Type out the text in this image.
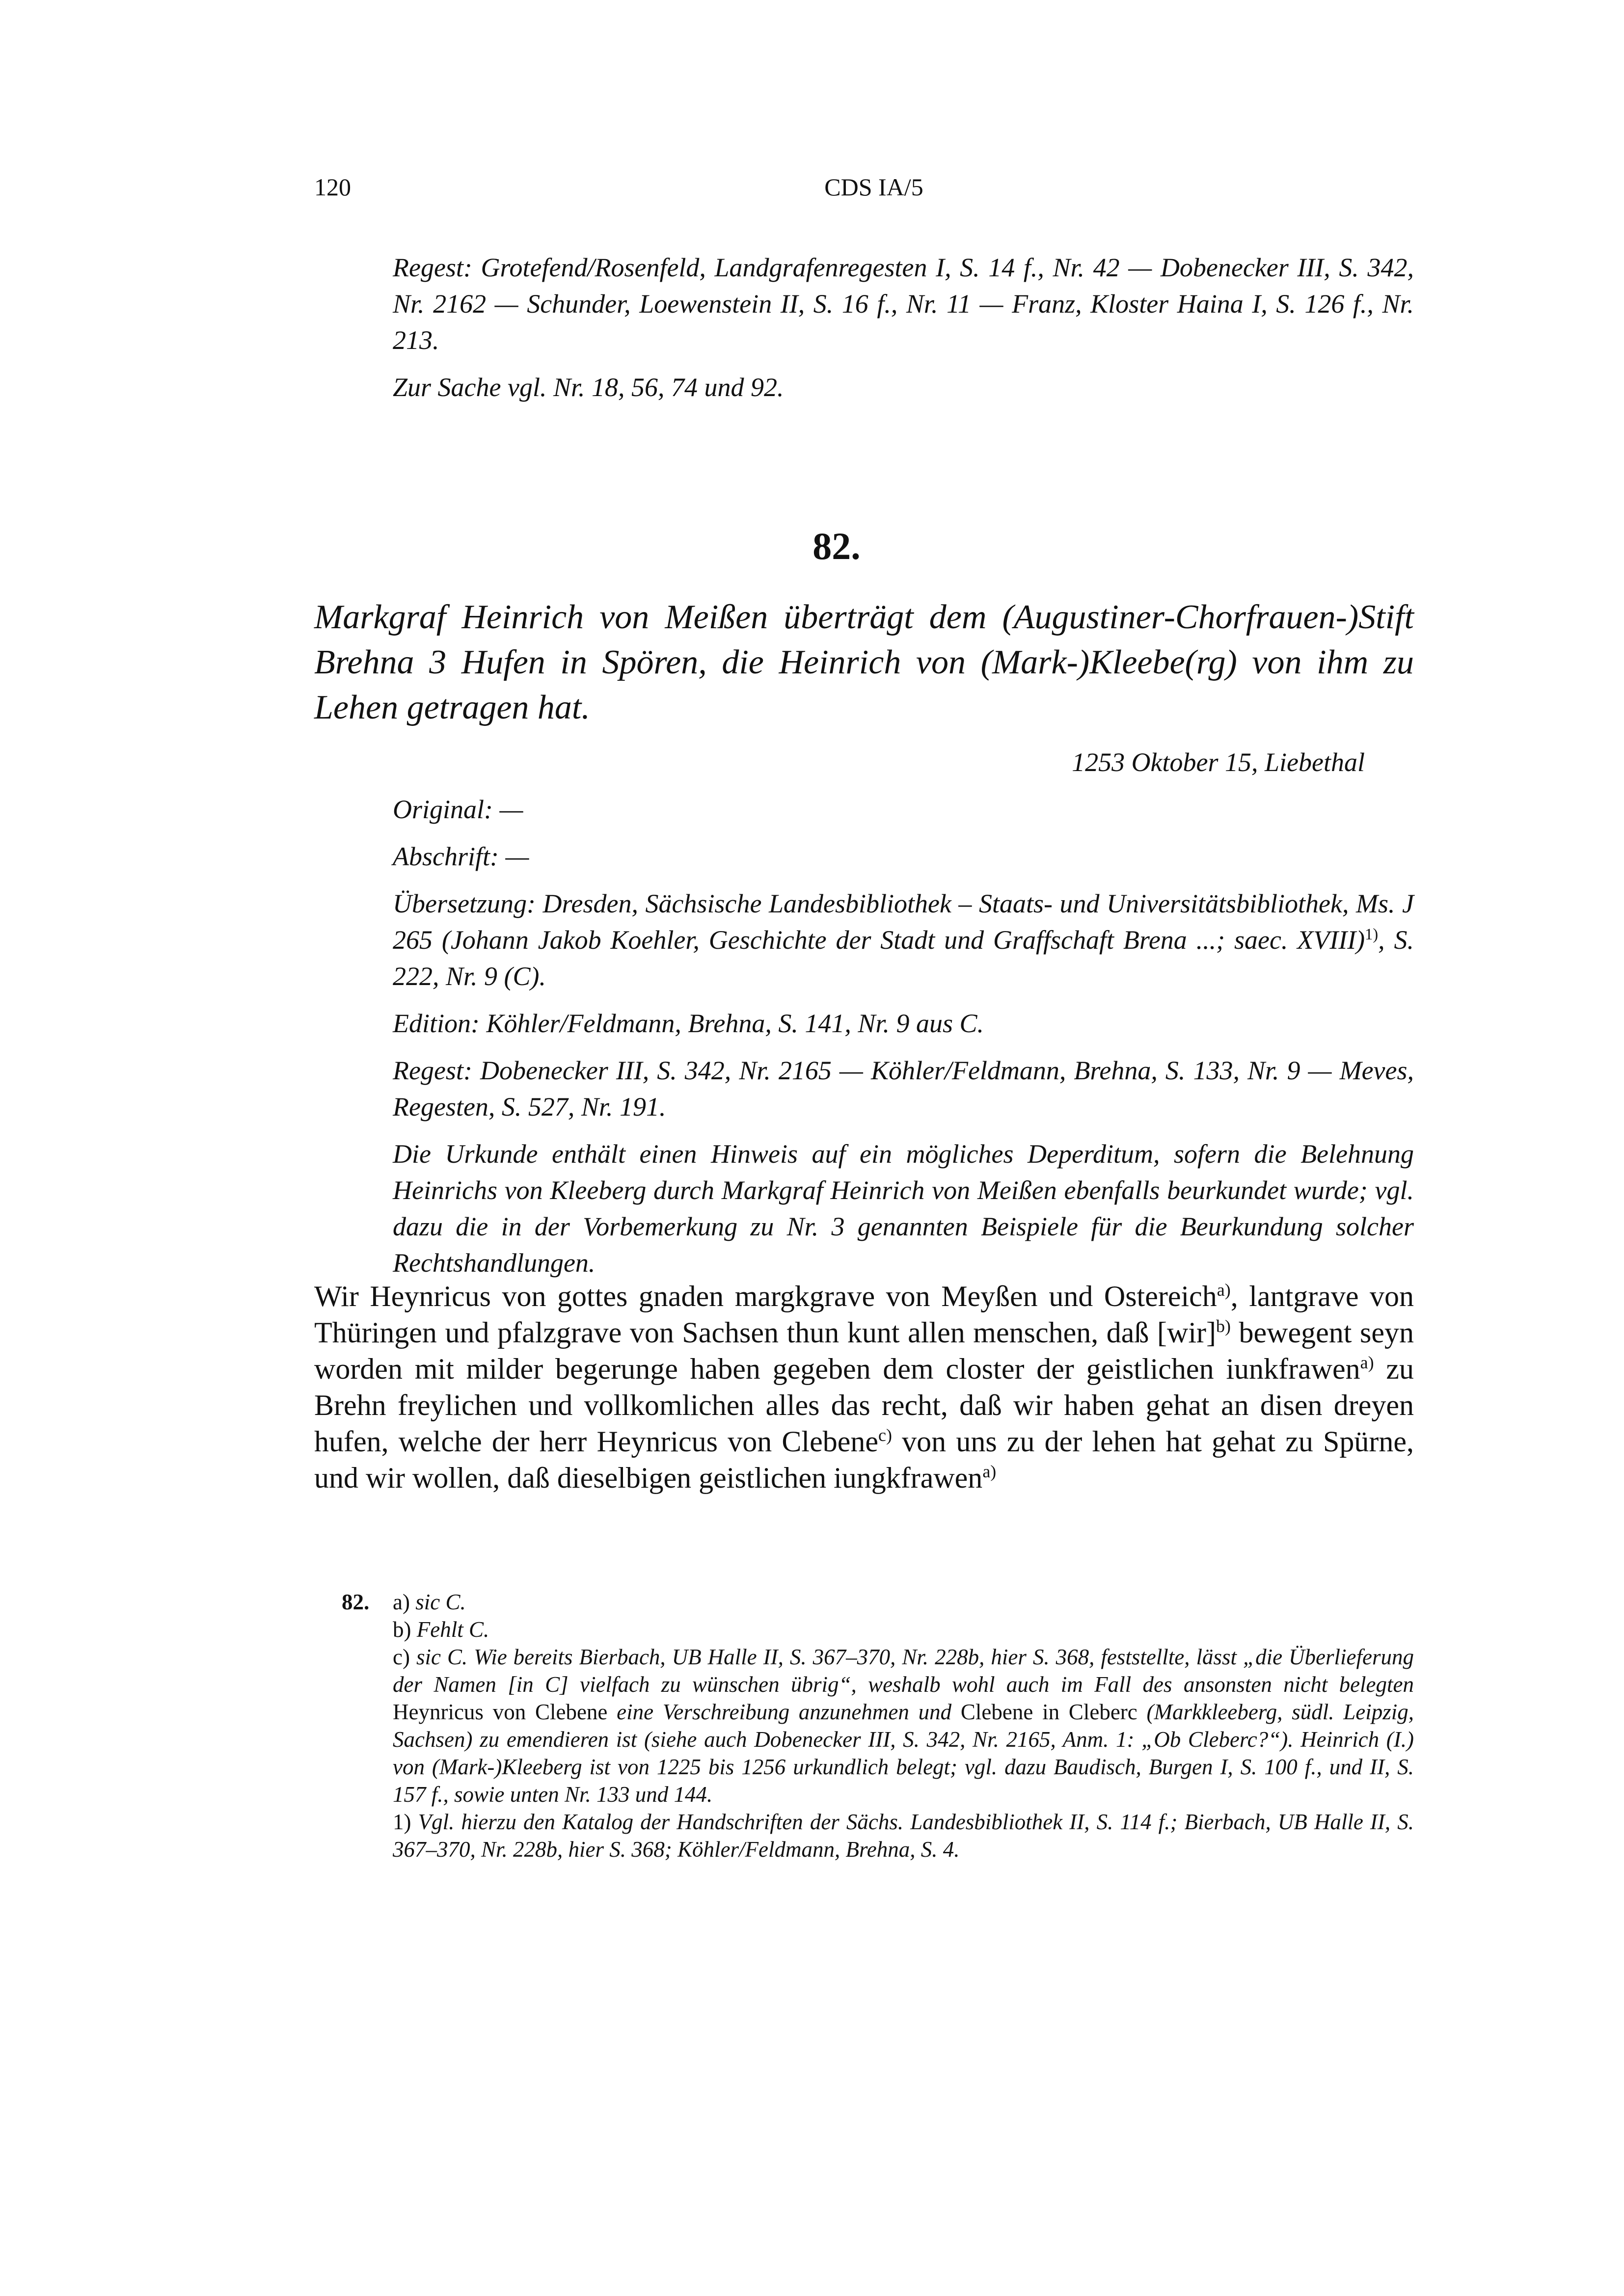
120	CDS IA/5

Regest: Grotefend/Rosenfeld, Landgrafenregesten I, S. 14 f., Nr. 42 — Dobenecker III, S. 342, Nr. 2162 — Schunder, Loewenstein II, S. 16 f., Nr. 11 — Franz, Kloster Haina I, S. 126 f., Nr. 213.

Zur Sache vgl. Nr. 18, 56, 74 und 92.

82.
Markgraf Heinrich von Meißen überträgt dem (Augustiner-Chorfrauen-)Stift Brehna 3 Hufen in Spören, die Heinrich von (Mark-)Kleebe(rg) von ihm zu Lehen getragen hat.
1253 Oktober 15, Liebethal

Original: —

Abschrift: —

Übersetzung: Dresden, Sächsische Landesbibliothek – Staats- und Universitätsbibliothek, Ms. J 265 (Johann Jakob Koehler, Geschichte der Stadt und Graffschaft Brena ...; saec. XVIII)$^{1)}$, S. 222, Nr. 9 (C).

Edition: Köhler/Feldmann, Brehna, S. 141, Nr. 9 aus C.

Regest: Dobenecker III, S. 342, Nr. 2165 — Köhler/Feldmann, Brehna, S. 133, Nr. 9 — Meves, Regesten, S. 527, Nr. 191.

Die Urkunde enthält einen Hinweis auf ein mögliches Deperditum, sofern die Belehnung Heinrichs von Kleeberg durch Markgraf Heinrich von Meißen ebenfalls beurkundet wurde; vgl. dazu die in der Vorbemerkung zu Nr. 3 genannten Beispiele für die Beurkundung solcher Rechtshandlungen.

Wir Heynricus von gottes gnaden margkgrave von Meyßen und Ostereich$^{a)}$, lantgrave von Thüringen und pfalzgrave von Sachsen thun kunt allen menschen, daß [wir]$^{b)}$ bewegent seyn worden mit milder begerunge haben gegeben dem closter der geistlichen iunkfrawen$^{a)}$ zu Brehn freylichen und vollkomlichen alles das recht, daß wir haben gehat an disen dreyen hufen, welche der herr Heynricus von Clebene$^{c)}$ von uns zu der lehen hat gehat zu Spürne, und wir wollen, daß dieselbigen geistlichen iungkfrawen$^{a)}$
82. a) sic C.

b) Fehlt C.

c) sic C. Wie bereits Bierbach, UB Halle II, S. 367–370, Nr. 228b, hier S. 368, feststellte, lässt „die Überlieferung der Namen [in C] vielfach zu wünschen übrig“, weshalb wohl auch im Fall des ansonsten nicht belegten Heynricus von Clebene eine Verschreibung anzunehmen und Clebene in Cleberc (Markkleeberg, südl. Leipzig, Sachsen) zu emendieren ist (siehe auch Dobenecker III, S. 342, Nr. 2165, Anm. 1: „Ob Cleberc?“). Heinrich (I.) von (Mark-)Kleeberg ist von 1225 bis 1256 urkundlich belegt; vgl. dazu Baudisch, Burgen I, S. 100 f., und II, S. 157 f., sowie unten Nr. 133 und 144.

1) Vgl. hierzu den Katalog der Handschriften der Sächs. Landesbibliothek II, S. 114 f.; Bierbach, UB Halle II, S. 367–370, Nr. 228b, hier S. 368; Köhler/Feldmann, Brehna, S. 4.
